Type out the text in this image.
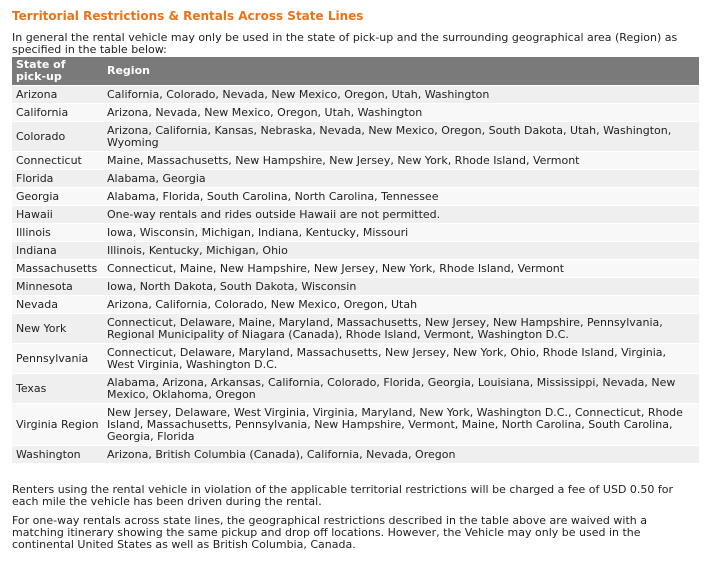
Territorial Restrictions & Rentals Across State Lines

In general the rental vehicle may only be used in the state of pick-up and the surrounding geographical area (Region) as specified in the table below:

State of pick-up	Region
Arizona	California, Colorado, Nevada, New Mexico, Oregon, Utah, Washington
California	Arizona, Nevada, New Mexico, Oregon, Utah, Washington
Colorado	Arizona, California, Kansas, Nebraska, Nevada, New Mexico, Oregon, South Dakota, Utah, Washington, Wyoming
Connecticut	Maine, Massachusetts, New Hampshire, New Jersey, New York, Rhode Island, Vermont
Florida	Alabama, Georgia
Georgia	Alabama, Florida, South Carolina, North Carolina, Tennessee
Hawaii	One-way rentals and rides outside Hawaii are not permitted.
Illinois	Iowa, Wisconsin, Michigan, Indiana, Kentucky, Missouri
Indiana	Illinois, Kentucky, Michigan, Ohio
Massachusetts	Connecticut, Maine, New Hampshire, New Jersey, New York, Rhode Island, Vermont
Minnesota	Iowa, North Dakota, South Dakota, Wisconsin
Nevada	Arizona, California, Colorado, New Mexico, Oregon, Utah
New York	Connecticut, Delaware, Maine, Maryland, Massachusetts, New Jersey, New Hampshire, Pennsylvania, Regional Municipality of Niagara (Canada), Rhode Island, Vermont, Washington D.C.
Pennsylvania	Connecticut, Delaware, Maryland, Massachusetts, New Jersey, New York, Ohio, Rhode Island, Virginia, West Virginia, Washington D.C.
Texas	Alabama, Arizona, Arkansas, California, Colorado, Florida, Georgia, Louisiana, Mississippi, Nevada, New Mexico, Oklahoma, Oregon
Virginia Region	New Jersey, Delaware, West Virginia, Virginia, Maryland, New York, Washington D.C., Connecticut, Rhode Island, Massachusetts, Pennsylvania, New Hampshire, Vermont, Maine, North Carolina, South Carolina, Georgia, Florida
Washington	Arizona, British Columbia (Canada), California, Nevada, Oregon

Renters using the rental vehicle in violation of the applicable territorial restrictions will be charged a fee of USD 0.50 for each mile the vehicle has been driven during the rental.

For one-way rentals across state lines, the geographical restrictions described in the table above are waived with a matching itinerary showing the same pickup and drop off locations. However, the Vehicle may only be used in the continental United States as well as British Columbia, Canada.
